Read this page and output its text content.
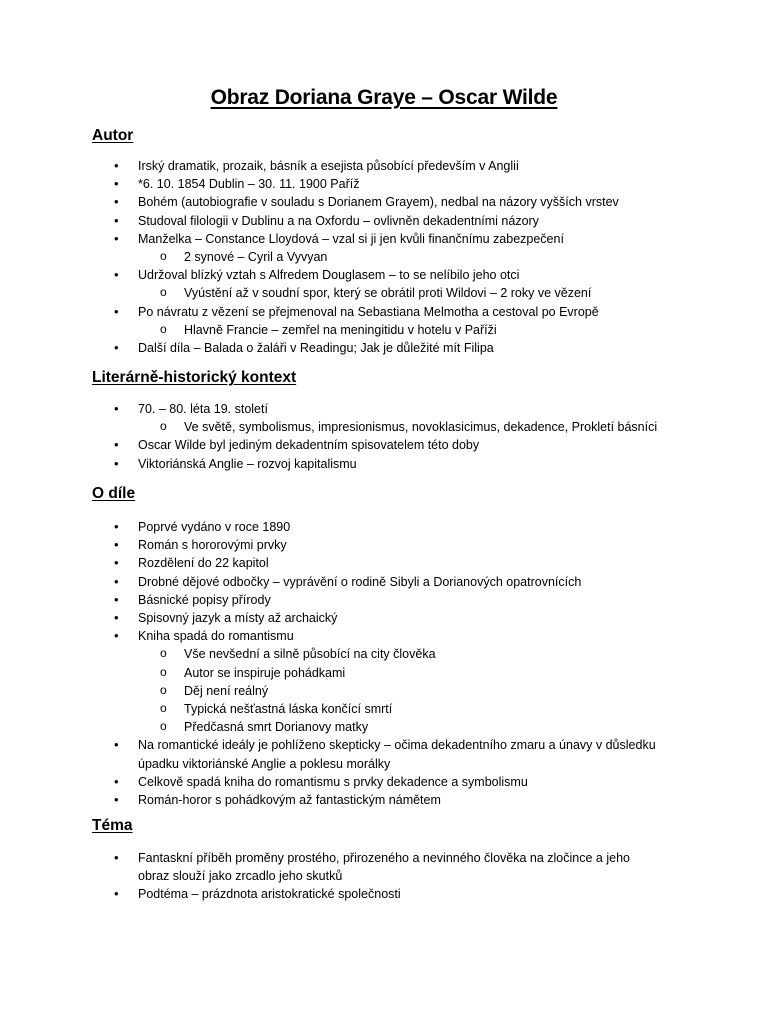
Obraz Doriana Graye – Oscar Wilde
Autor
• Irský dramatik, prozaik, básník a esejista působící především v Anglii
• *6. 10. 1854 Dublin – 30. 11. 1900 Paříž
• Bohém (autobiografie v souladu s Dorianem Grayem), nedbal na názory vyšších vrstev
• Studoval filologii v Dublinu a na Oxfordu – ovlivněn dekadentními názory
• Manželka – Constance Lloydová – vzal si ji jen kvůli finančnímu zabezpečení
o 2 synové – Cyril a Vyvyan
• Udržoval blízký vztah s Alfredem Douglasem – to se nelíbilo jeho otci
o Vyústění až v soudní spor, který se obrátil proti Wildovi – 2 roky ve vězení
• Po návratu z vězení se přejmenoval na Sebastiana Melmotha a cestoval po Evropě
o Hlavně Francie – zemřel na meningitidu v hotelu v Paříži
• Další díla – Balada o žaláři v Readingu; Jak je důležité mít Filipa
Literárně-historický kontext
• 70. – 80. léta 19. století
o Ve světě, symbolismus, impresionismus, novoklasicimus, dekadence, Prokletí básníci
• Oscar Wilde byl jediným dekadentním spisovatelem této doby
• Viktoriánská Anglie – rozvoj kapitalismu
O díle
• Poprvé vydáno v roce 1890
• Román s hororovými prvky
• Rozdělení do 22 kapitol
• Drobné dějové odbočky – vyprávění o rodině Sibyli a Dorianových opatrovnících
• Básnické popisy přírody
• Spisovný jazyk a místy až archaický
• Kniha spadá do romantismu
o Vše nevšední a silně působící na city člověka
o Autor se inspiruje pohádkami
o Děj není reálný
o Typická nešťastná láska končící smrtí
o Předčasná smrt Dorianovy matky
• Na romantické ideály je pohlíženo skepticky – očima dekadentního zmaru a únavy v důsledku úpadku viktoriánské Anglie a poklesu morálky
• Celkově spadá kniha do romantismu s prvky dekadence a symbolismu
• Román-horor s pohádkovým až fantastickým námětem
Téma
• Fantaskní příběh proměny prostého, přirozeného a nevinného člověka na zločince a jeho obraz slouží jako zrcadlo jeho skutků
• Podtéma – prázdnota aristokratické společnosti
